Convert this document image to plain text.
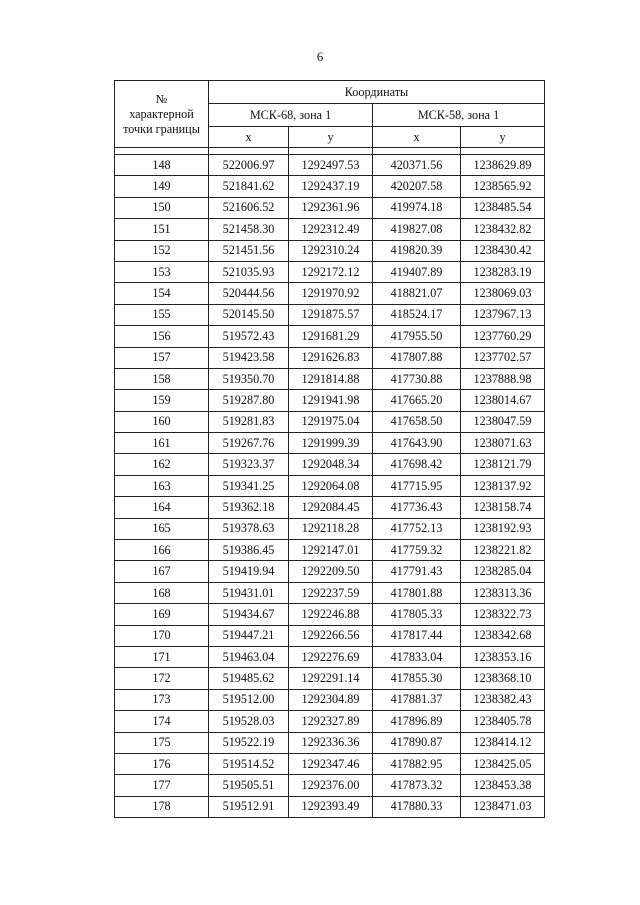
6
№
характерной
точки границы	Координаты			
	МСК-68, зона 1		МСК-58, зона 1	
	x	y	x	y

148	522006.97	1292497.53	420371.56	1238629.89
149	521841.62	1292437.19	420207.58	1238565.92
150	521606.52	1292361.96	419974.18	1238485.54
151	521458.30	1292312.49	419827.08	1238432.82
152	521451.56	1292310.24	419820.39	1238430.42
153	521035.93	1292172.12	419407.89	1238283.19
154	520444.56	1291970.92	418821.07	1238069.03
155	520145.50	1291875.57	418524.17	1237967.13
156	519572.43	1291681.29	417955.50	1237760.29
157	519423.58	1291626.83	417807.88	1237702.57
158	519350.70	1291814.88	417730.88	1237888.98
159	519287.80	1291941.98	417665.20	1238014.67
160	519281.83	1291975.04	417658.50	1238047.59
161	519267.76	1291999.39	417643.90	1238071.63
162	519323.37	1292048.34	417698.42	1238121.79
163	519341.25	1292064.08	417715.95	1238137.92
164	519362.18	1292084.45	417736.43	1238158.74
165	519378.63	1292118.28	417752.13	1238192.93
166	519386.45	1292147.01	417759.32	1238221.82
167	519419.94	1292209.50	417791.43	1238285.04
168	519431.01	1292237.59	417801.88	1238313.36
169	519434.67	1292246.88	417805.33	1238322.73
170	519447.21	1292266.56	417817.44	1238342.68
171	519463.04	1292276.69	417833.04	1238353.16
172	519485.62	1292291.14	417855.30	1238368.10
173	519512.00	1292304.89	417881.37	1238382.43
174	519528.03	1292327.89	417896.89	1238405.78
175	519522.19	1292336.36	417890.87	1238414.12
176	519514.52	1292347.46	417882.95	1238425.05
177	519505.51	1292376.00	417873.32	1238453.38
178	519512.91	1292393.49	417880.33	1238471.03
